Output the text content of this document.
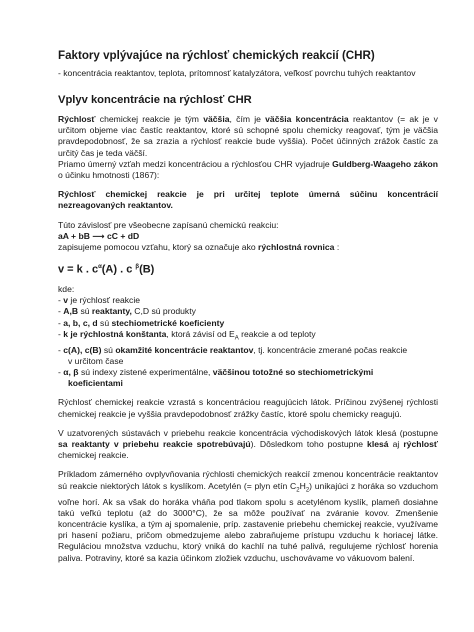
Faktory vplývajúce na rýchlosť chemických reakcií (CHR)
- koncentrácia reaktantov, teplota, prítomnosť katalyzátora, veľkosť povrchu tuhých reaktantov
Vplyv koncentrácie na rýchlosť CHR

Rýchlosť chemickej reakcie je tým väčšia, čím je väčšia koncentrácia reaktantov (= ak je v určitom objeme viac častíc reaktantov, ktoré sú schopné spolu chemicky reagovať, tým je väčšia pravdepodobnosť, že sa zrazia a rýchlosť reakcie bude vyššia). Počet účinných zrážok častíc za určitý čas je teda väčší.

Priamo úmerný vzťah medzi koncentráciou a rýchlosťou CHR vyjadruje Guldberg-Waageho zákon o účinku hmotnosti (1867):

Rýchlosť chemickej reakcie je pri určitej teplote úmerná súčinu koncentrácií nezreagovaných reaktantov.

Túto závislosť pre všeobecne zapísanú chemickú reakciu:

aA + bB ⟶ cC + dD

zapisujeme pomocou vzťahu, ktorý sa označuje ako rýchlostná rovnica :

v = k . $c^\alpha(A)$ . c $^\beta$(B)

kde:

- v je rýchlosť reakcie
- A,B sú reaktanty, C,D sú produkty
- a, b, c, d sú stechiometrické koeficienty
- k je rýchlostná konštanta, ktorá závisí od $E_A$ reakcie a od teploty
- c(A), c(B) sú okamžité koncentrácie reaktantov, tj. koncentrácie zmerané počas reakcie
v určitom čase
- α, β sú indexy zistené experimentálne, väčšinou totožné so stechiometrickými
koeficientami

Rýchlosť chemickej reakcie vzrastá s koncentráciou reagujúcich látok. Príčinou zvýšenej rýchlosti chemickej reakcie je vyššia pravdepodobnosť zrážky častíc, ktoré spolu chemicky reagujú.

V uzatvorených sústavách v priebehu reakcie koncentrácia východiskových látok klesá (postupne sa reaktanty v priebehu reakcie spotrebúvajú). Dôsledkom toho postupne klesá aj rýchlosť chemickej reakcie.

Príkladom zámerného ovplyvňovania rýchlosti chemických reakcií zmenou koncentrácie reaktantov sú reakcie niektorých látok s kyslíkom. Acetylén (= plyn etín $C_2H_2$) unikajúci z horáka so vzduchom voľne horí. Ak sa však do horáka vháňa pod tlakom spolu s acetylénom kyslík, plameň dosiahne takú veľkú teplotu (až do 3000°C), že sa môže používať na zváranie kovov. Zmenšenie koncentrácie kyslíka, a tým aj spomalenie, príp. zastavenie priebehu chemickej reakcie, využívame pri hasení požiaru, pričom obmedzujeme alebo zabraňujeme prístupu vzduchu k horiacej látke. Reguláciou množstva vzduchu, ktorý vniká do kachlí na tuhé palivá, regulujeme rýchlosť horenia paliva. Potraviny, ktoré sa kazia účinkom zložiek vzduchu, uschovávame vo vákuovom balení.
